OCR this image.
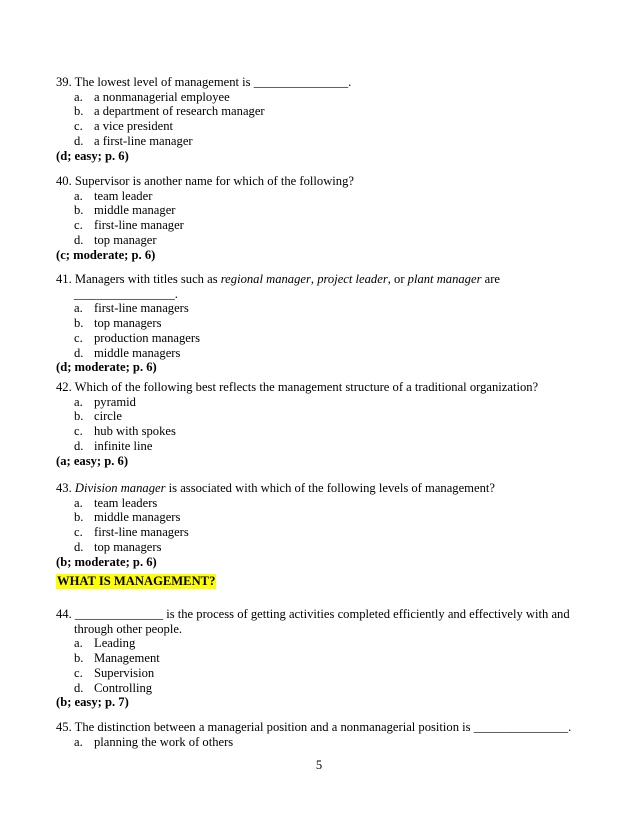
39. The lowest level of management is _______________.
a. a nonmanagerial employee
b. a department of research manager
c. a vice president
d. a first-line manager
(d; easy; p. 6)
40. Supervisor is another name for which of the following?
a. team leader
b. middle manager
c. first-line manager
d. top manager
(c; moderate; p. 6)
41. Managers with titles such as regional manager, project leader, or plant manager are
________________.
a. first-line managers
b. top managers
c. production managers
d. middle managers
(d; moderate; p. 6)
42. Which of the following best reflects the management structure of a traditional organization?
a. pyramid
b. circle
c. hub with spokes
d. infinite line
(a; easy; p. 6)
43. Division manager is associated with which of the following levels of management?
a. team leaders
b. middle managers
c. first-line managers
d. top managers
(b; moderate; p. 6)
WHAT IS MANAGEMENT?
44. ______________ is the process of getting activities completed efficiently and effectively with and
through other people.
a. Leading
b. Management
c. Supervision
d. Controlling
(b; easy; p. 7)
45. The distinction between a managerial position and a nonmanagerial position is _______________.
a. planning the work of others
5
